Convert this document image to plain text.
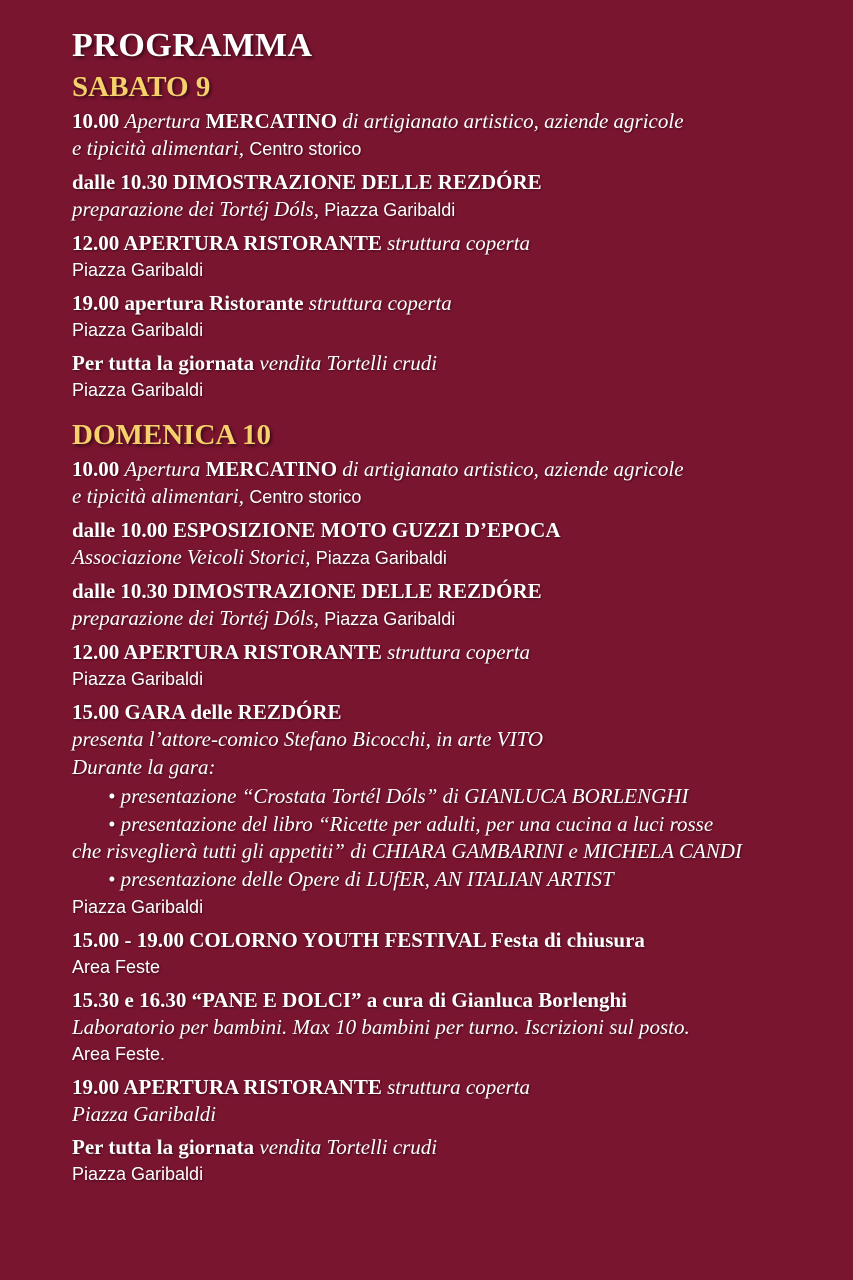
PROGRAMMA
SABATO 9
10.00 Apertura MERCATINO di artigianato artistico, aziende agricole
e tipicità alimentari, Centro storico
dalle 10.30 DIMOSTRAZIONE DELLE REZDÓRE
preparazione dei Tortéj Dóls, Piazza Garibaldi
12.00 APERTURA RISTORANTE struttura coperta
Piazza Garibaldi
19.00 apertura Ristorante struttura coperta
Piazza Garibaldi
Per tutta la giornata vendita Tortelli crudi
Piazza Garibaldi
DOMENICA 10
10.00 Apertura MERCATINO di artigianato artistico, aziende agricole
e tipicità alimentari, Centro storico
dalle 10.00 ESPOSIZIONE MOTO GUZZI D’EPOCA
Associazione Veicoli Storici, Piazza Garibaldi
dalle 10.30 DIMOSTRAZIONE DELLE REZDÓRE
preparazione dei Tortéj Dóls, Piazza Garibaldi
12.00 APERTURA RISTORANTE struttura coperta
Piazza Garibaldi
15.00 GARA delle REZDÓRE
presenta l’attore-comico Stefano Bicocchi, in arte VITO
Durante la gara:
• presentazione “Crostata Tortél Dóls” di GIANLUCA BORLENGHI
• presentazione del libro “Ricette per adulti, per una cucina a luci rosse
che risveglierà tutti gli appetiti” di CHIARA GAMBARINI e MICHELA CANDI
• presentazione delle Opere di LUfER, AN ITALIAN ARTIST
Piazza Garibaldi
15.00 - 19.00 COLORNO YOUTH FESTIVAL Festa di chiusura
Area Feste
15.30 e 16.30 “PANE E DOLCI” a cura di Gianluca Borlenghi
Laboratorio per bambini. Max 10 bambini per turno. Iscrizioni sul posto.
Area Feste.
19.00 APERTURA RISTORANTE struttura coperta
Piazza Garibaldi
Per tutta la giornata vendita Tortelli crudi
Piazza Garibaldi
